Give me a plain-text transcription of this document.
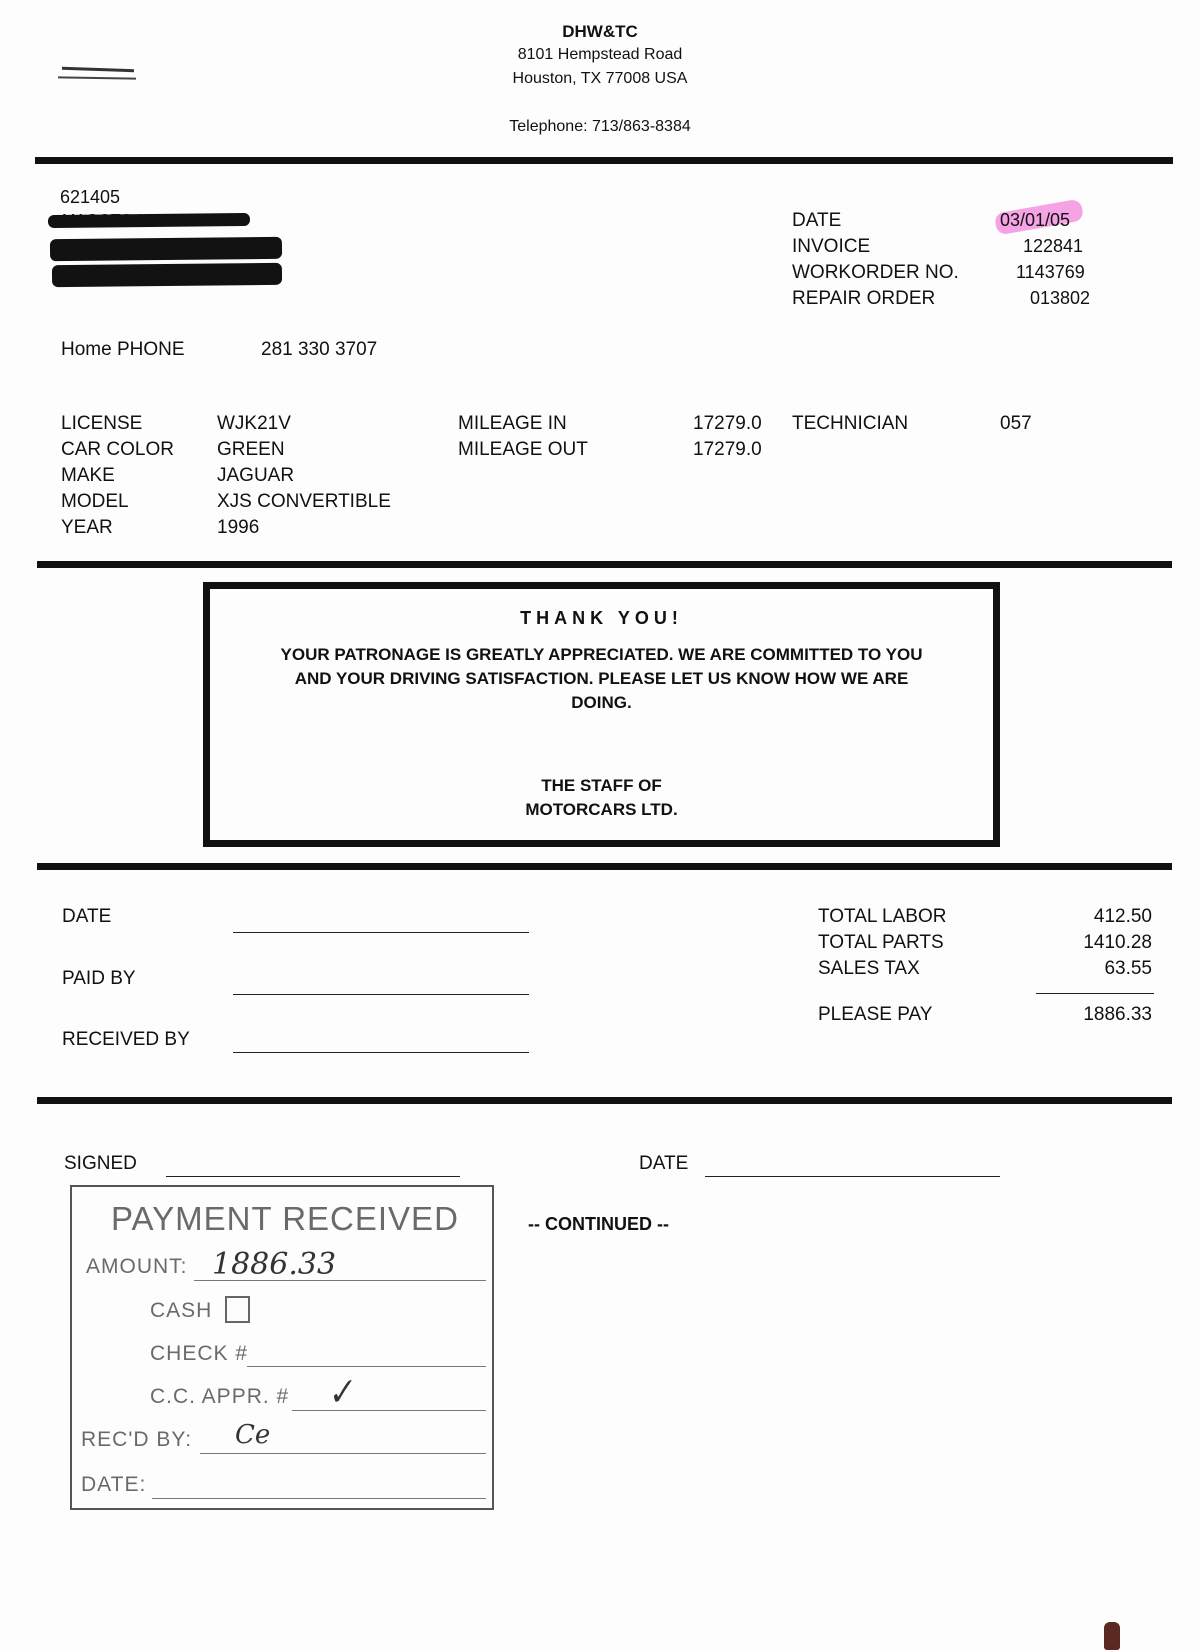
DHW&TC
8101 Hempstead Road
Houston, TX 77008 USA
Telephone: 713/863-8384
621405
Home PHONE	281 330 3707
DATE	03/01/05
INVOICE	122841
WORKORDER NO.	1143769
REPAIR ORDER	013802
LICENSE	WJK21V
CAR COLOR GREEN
MAKE	JAGUAR
MODEL	XJS CONVERTIBLE
YEAR	1996
MILEAGE IN	17279.0
MILEAGE OUT	17279.0
TECHNICIAN	057
THANK YOU!
YOUR PATRONAGE IS GREATLY APPRECIATED. WE ARE COMMITTED TO YOU
AND YOUR DRIVING SATISFACTION. PLEASE LET US KNOW HOW WE ARE
DOING.
THE STAFF OF
MOTORCARS LTD.
DATE
PAID BY
RECEIVED BY
TOTAL LABOR	412.50
TOTAL PARTS	1410.28
SALES TAX	63.55
PLEASE PAY	1886.33
SIGNED	DATE
-- CONTINUED --
PAYMENT RECEIVED
AMOUNT: 1886.33
CASH
CHECK #
C.C. APPR. # ✓
REC'D BY: Ce
DATE:
